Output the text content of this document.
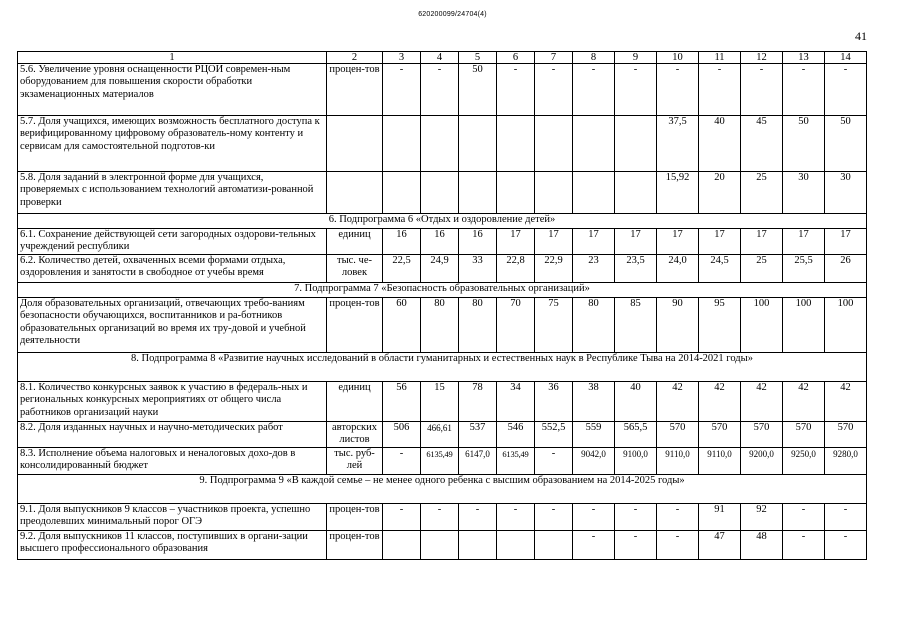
620200099/24704(4)
41
1	2	3	4	5	6	7	8	9	10	11	12	13	14
5.6. Увеличение уровня оснащенности РЦОИ современ-ным оборудованием для повышения скорости обработки экзаменационных материалов	процен-тов	-	-	50	-	-	-	-	-	-	-	-	-
5.7. Доля учащихся, имеющих возможность бесплатного доступа к верифицированному цифровому образователь-ному контенту и сервисам для самостоятельной подготов-ки									37,5	40	45	50	50
5.8. Доля заданий в электронной форме для учащихся, проверяемых с использованием технологий автоматизи-рованной проверки									15,92	20	25	30	30
6. Подпрограмма 6 «Отдых и оздоровление детей»													
6.1. Сохранение действующей сети загородных оздорови-тельных учреждений республики	единиц	16	16	16	17	17	17	17	17	17	17	17	17
6.2. Количество детей, охваченных всеми формами отдыха, оздоровления и занятости в свободное от учебы время	тыс. че-ловек	22,5	24,9	33	22,8	22,9	23	23,5	24,0	24,5	25	25,5	26
7. Подпрограмма 7 «Безопасность образовательных организаций»													
Доля образовательных организаций, отвечающих требо-ваниям безопасности обучающихся, воспитанников и ра-ботников образовательных организаций во время их тру-довой и учебной деятельности	процен-тов	60	80	80	70	75	80	85	90	95	100	100	100
8. Подпрограмма 8 «Развитие научных исследований в области гуманитарных и естественных наук в Республике Тыва на 2014-2021 годы»													
8.1. Количество конкурсных заявок к участию в федераль-ных и региональных конкурсных мероприятиях от общего числа работников организаций науки	единиц	56	15	78	34	36	38	40	42	42	42	42	42
8.2. Доля изданных научных и научно-методических работ	авторских листов	506	466,61	537	546	552,5	559	565,5	570	570	570	570	570
8.3. Исполнение объема налоговых и неналоговых дохо-дов в консолидированный бюджет	тыс. руб-лей	-	6135,49	6147,0	6135,49	-	9042,0	9100,0	9110,0	9110,0	9200,0	9250,0	9280,0
9. Подпрограмма 9 «В каждой семье – не менее одного ребенка с высшим образованием на 2014-2025 годы»													
9.1. Доля выпускников 9 классов – участников проекта, успешно преодолевших минимальный порог ОГЭ	процен-тов	-	-	-	-	-	-	-	-	91	92	-	-
9.2. Доля выпускников 11 классов, поступивших в органи-зации высшего профессионального образования	процен-тов						-	-	-	47	48	-	-
